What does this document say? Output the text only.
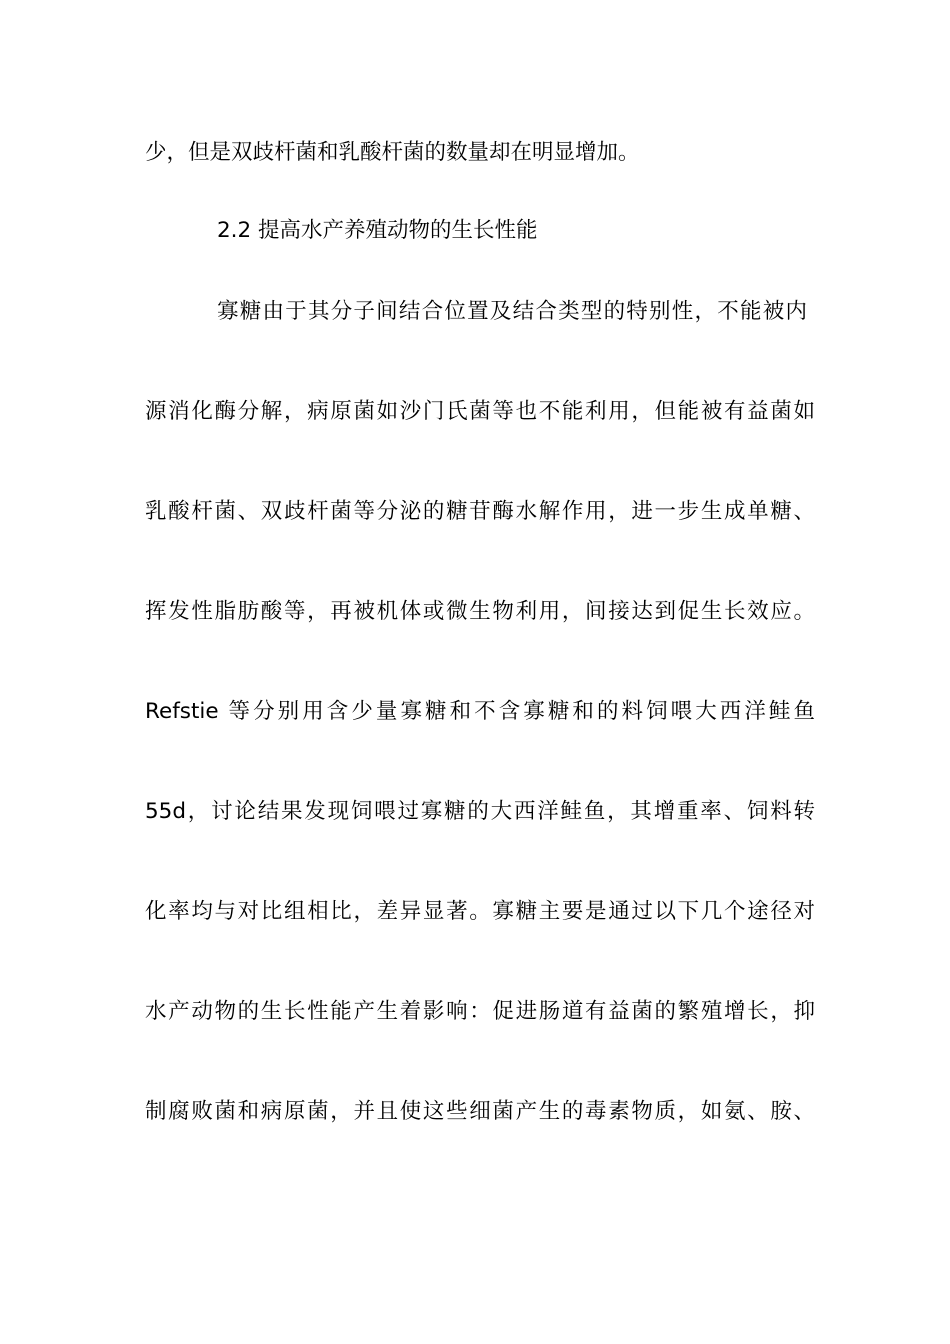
少，但是双歧杆菌和乳酸杆菌的数量却在明显增加。
2.2 提高水产养殖动物的生长性能
寡糖由于其分子间结合位置及结合类型的特别性，不能被内
源消化酶分解，病原菌如沙门氏菌等也不能利用，但能被有益菌如
乳酸杆菌、双歧杆菌等分泌的糖苷酶水解作用，进一步生成单糖、
挥发性脂肪酸等，再被机体或微生物利用，间接达到促生长效应。
Refstie 等分别用含少量寡糖和不含寡糖和的料饲喂大西洋鲑鱼
55d，讨论结果发现饲喂过寡糖的大西洋鲑鱼，其增重率、饲料转
化率均与对比组相比，差异显著。寡糖主要是通过以下几个途径对
水产动物的生长性能产生着影响：促进肠道有益菌的繁殖增长，抑
制腐败菌和病原菌，并且使这些细菌产生的毒素物质，如氨、胺、
